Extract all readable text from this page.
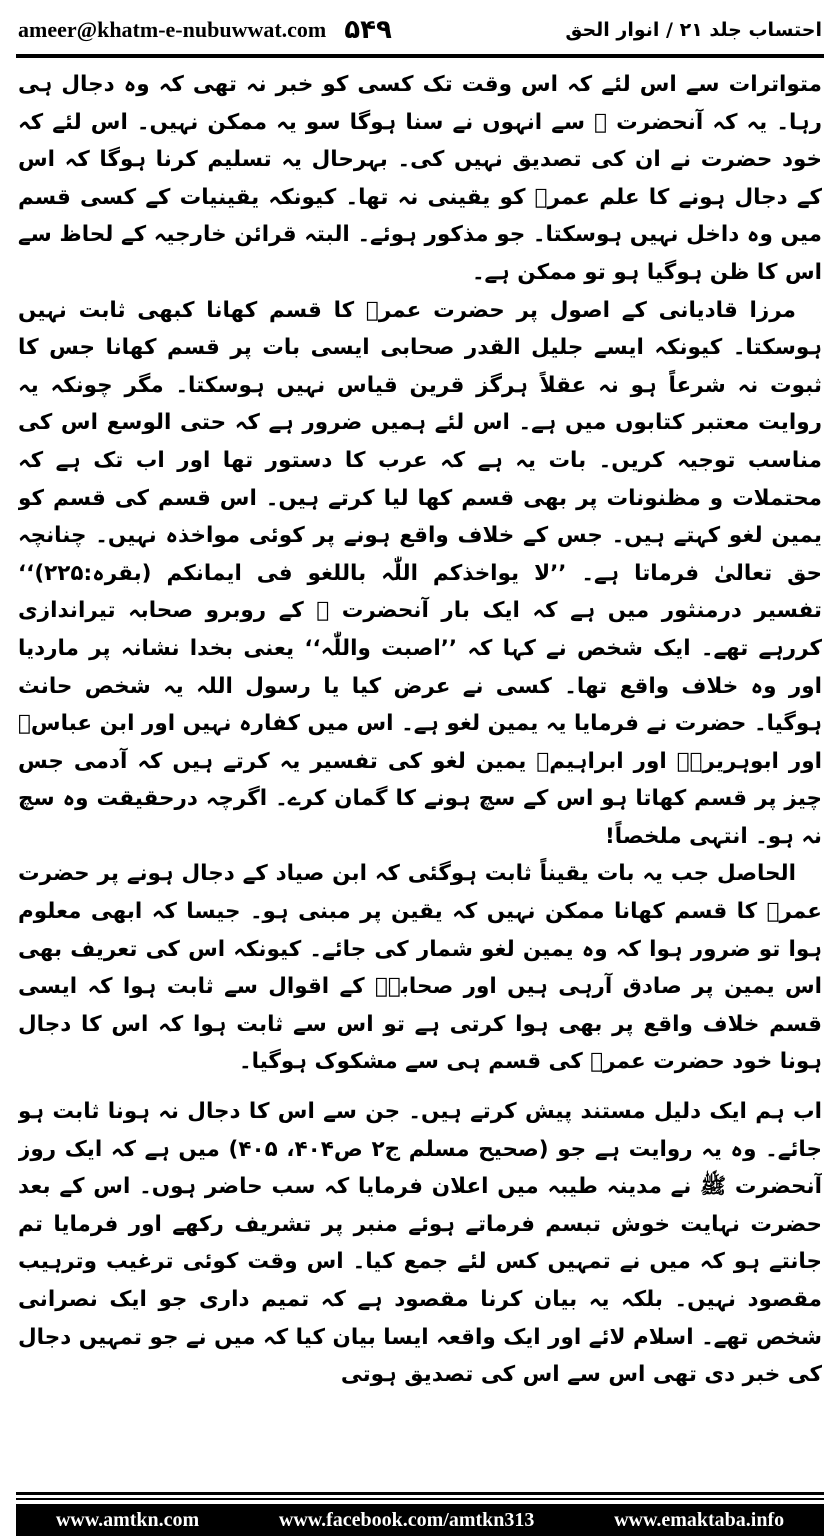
ameer@khatm-e-nubuwwat.com ۵۴۹	احتساب جلد ۲۱ / انوار الحق

متواترات سے اس لئے کہ اس وقت تک کسی کو خبر نہ تھی کہ وہ دجال ہی رہا۔ یہ کہ آنحضرت ﷺ سے انہوں نے سنا ہوگا سو یہ ممکن نہیں۔ اس لئے کہ خود حضرت نے ان کی تصدیق نہیں کی۔ بہرحال یہ تسلیم کرنا ہوگا کہ اس کے دجال ہونے کا علم عمرؓ کو یقینی نہ تھا۔ کیونکہ یقینیات کے کسی قسم میں وہ داخل نہیں ہوسکتا۔ جو مذکور ہوئے۔ البتہ قرائن خارجیہ کے لحاظ سے اس کا ظن ہوگیا ہو تو ممکن ہے۔

مرزا قادیانی کے اصول پر حضرت عمرؓ کا قسم کھانا کبھی ثابت نہیں ہوسکتا۔ کیونکہ ایسے جلیل القدر صحابی ایسی بات پر قسم کھانا جس کا ثبوت نہ شرعاً ہو نہ عقلاً ہرگز قرین قیاس نہیں ہوسکتا۔ مگر چونکہ یہ روایت معتبر کتابوں میں ہے۔ اس لئے ہمیں ضرور ہے کہ حتی الوسع اس کی مناسب توجیہ کریں۔ بات یہ ہے کہ عرب کا دستور تھا اور اب تک ہے کہ محتملات و مظنونات پر بھی قسم کھا لیا کرتے ہیں۔ اس قسم کی قسم کو یمین لغو کہتے ہیں۔ جس کے خلاف واقع ہونے پر کوئی مواخذہ نہیں۔ چنانچہ حق تعالیٰ فرماتا ہے۔ ’’لا یواخذکم اللّٰہ باللغو فی ایمانکم (بقرہ:۲۲۵)‘‘ تفسیر درمنثور میں ہے کہ ایک بار آنحضرت ﷺ کے روبرو صحابہ تیراندازی کررہے تھے۔ ایک شخص نے کہا کہ ’’اصبت واللّٰہ‘‘ یعنی بخدا نشانہ پر ماردیا اور وہ خلاف واقع تھا۔ کسی نے عرض کیا یا رسول اللہ یہ شخص حانث ہوگیا۔ حضرت نے فرمایا یہ یمین لغو ہے۔ اس میں کفارہ نہیں اور ابن عباسؓ اور ابوہریرہؓ اور ابراہیمؒ یمین لغو کی تفسیر یہ کرتے ہیں کہ آدمی جس چیز پر قسم کھاتا ہو اس کے سچ ہونے کا گمان کرے۔ اگرچہ درحقیقت وہ سچ نہ ہو۔ انتہی ملخصاً!

الحاصل جب یہ بات یقیناً ثابت ہوگئی کہ ابن صیاد کے دجال ہونے پر حضرت عمرؓ کا قسم کھانا ممکن نہیں کہ یقین پر مبنی ہو۔ جیسا کہ ابھی معلوم ہوا تو ضرور ہوا کہ وہ یمین لغو شمار کی جائے۔ کیونکہ اس کی تعریف بھی اس یمین پر صادق آرہی ہیں اور صحابہؓ کے اقوال سے ثابت ہوا کہ ایسی قسم خلاف واقع پر بھی ہوا کرتی ہے تو اس سے ثابت ہوا کہ اس کا دجال ہونا خود حضرت عمرؓ کی قسم ہی سے مشکوک ہوگیا۔

اب ہم ایک دلیل مستند پیش کرتے ہیں۔ جن سے اس کا دجال نہ ہونا ثابت ہو جائے۔ وہ یہ روایت ہے جو (صحیح مسلم ج۲ ص۴۰۴، ۴۰۵) میں ہے کہ ایک روز آنحضرت ﷺ نے مدینہ طیبہ میں اعلان فرمایا کہ سب حاضر ہوں۔ اس کے بعد حضرت نہایت خوش تبسم فرماتے ہوئے منبر پر تشریف رکھے اور فرمایا تم جانتے ہو کہ میں نے تمہیں کس لئے جمع کیا۔ اس وقت کوئی ترغیب وترہیب مقصود نہیں۔ بلکہ یہ بیان کرنا مقصود ہے کہ تمیم داری جو ایک نصرانی شخص تھے۔ اسلام لائے اور ایک واقعہ ایسا بیان کیا کہ میں نے جو تمہیں دجال کی خبر دی تھی اس سے اس کی تصدیق ہوتی

www.amtkn.com	www.facebook.com/amtkn313	www.emaktaba.info
